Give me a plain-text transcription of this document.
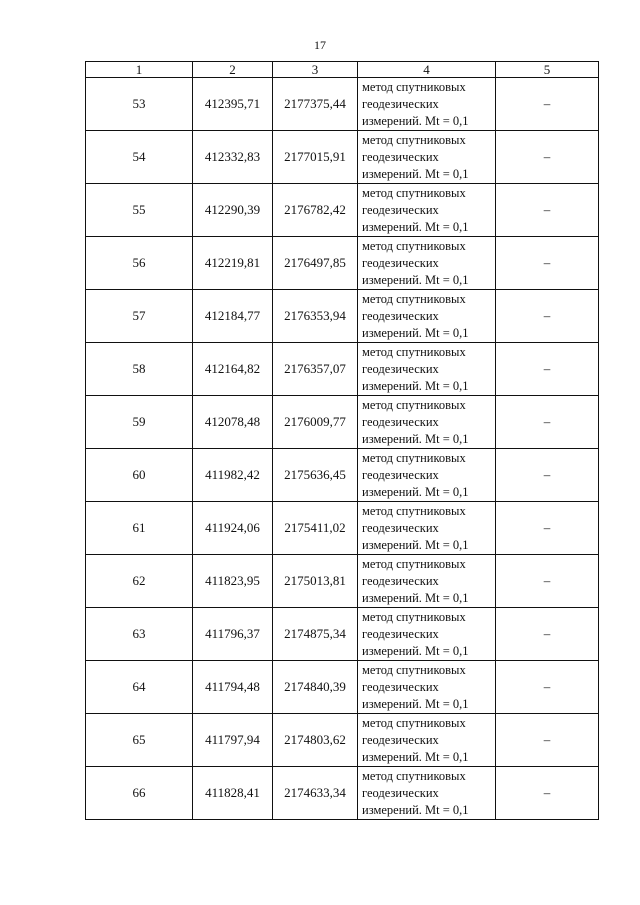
17
1	2	3	4	5
53	412395,71	2177375,44	метод спутниковых
геодезических
измерений. Mt = 0,1	–
54	412332,83	2177015,91	метод спутниковых
геодезических
измерений. Mt = 0,1	–
55	412290,39	2176782,42	метод спутниковых
геодезических
измерений. Mt = 0,1	–
56	412219,81	2176497,85	метод спутниковых
геодезических
измерений. Mt = 0,1	–
57	412184,77	2176353,94	метод спутниковых
геодезических
измерений. Mt = 0,1	–
58	412164,82	2176357,07	метод спутниковых
геодезических
измерений. Mt = 0,1	–
59	412078,48	2176009,77	метод спутниковых
геодезических
измерений. Mt = 0,1	–
60	411982,42	2175636,45	метод спутниковых
геодезических
измерений. Mt = 0,1	–
61	411924,06	2175411,02	метод спутниковых
геодезических
измерений. Mt = 0,1	–
62	411823,95	2175013,81	метод спутниковых
геодезических
измерений. Mt = 0,1	–
63	411796,37	2174875,34	метод спутниковых
геодезических
измерений. Mt = 0,1	–
64	411794,48	2174840,39	метод спутниковых
геодезических
измерений. Mt = 0,1	–
65	411797,94	2174803,62	метод спутниковых
геодезических
измерений. Mt = 0,1	–
66	411828,41	2174633,34	метод спутниковых
геодезических
измерений. Mt = 0,1	–
